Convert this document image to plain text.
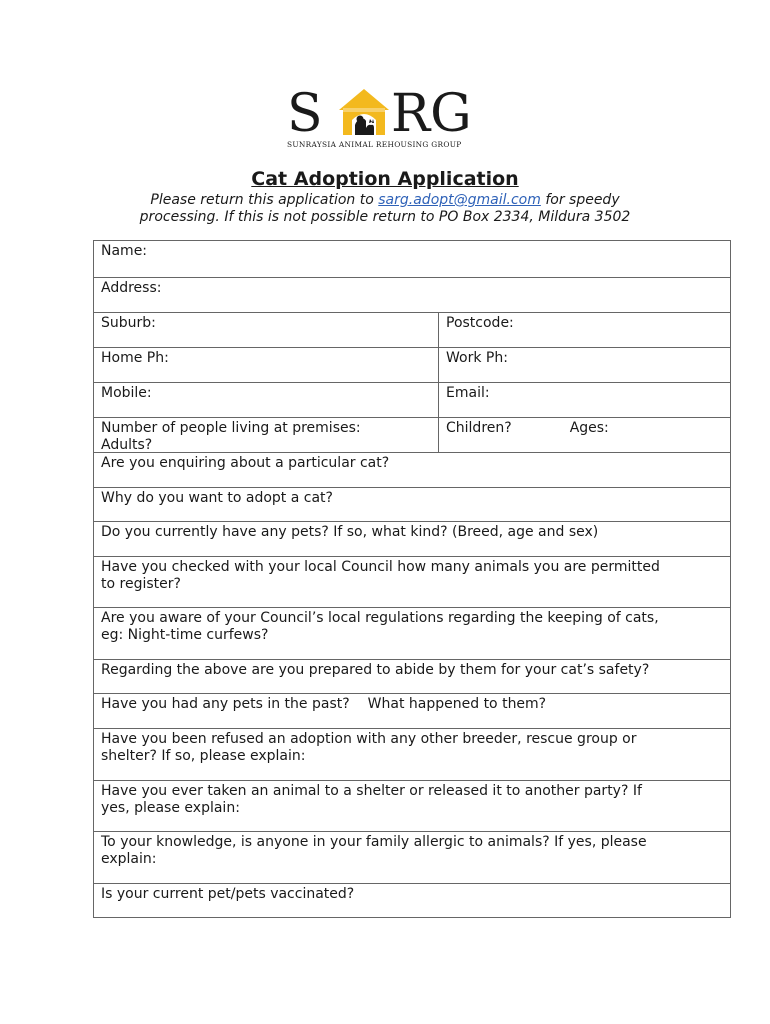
S RG
SUNRAYSIA ANIMAL REHOUSING GROUP
Cat Adoption Application
Please return this application to sarg.adopt@gmail.com for speedy
processing. If this is not possible return to PO Box 2334, Mildura 3502
Name:
Address:
Suburb:	Postcode:
Home Ph:	Work Ph:
Mobile:	Email:
Number of people living at premises:
Adults?
Children?	Ages:
Are you enquiring about a particular cat?
Why do you want to adopt a cat?
Do you currently have any pets? If so, what kind? (Breed, age and sex)
Have you checked with your local Council how many animals you are permitted
to register?
Are you aware of your Council’s local regulations regarding the keeping of cats,
eg: Night-time curfews?
Regarding the above are you prepared to abide by them for your cat’s safety?
Have you had any pets in the past? What happened to them?
Have you been refused an adoption with any other breeder, rescue group or
shelter? If so, please explain:
Have you ever taken an animal to a shelter or released it to another party? If
yes, please explain:
To your knowledge, is anyone in your family allergic to animals? If yes, please
explain:
Is your current pet/pets vaccinated?
